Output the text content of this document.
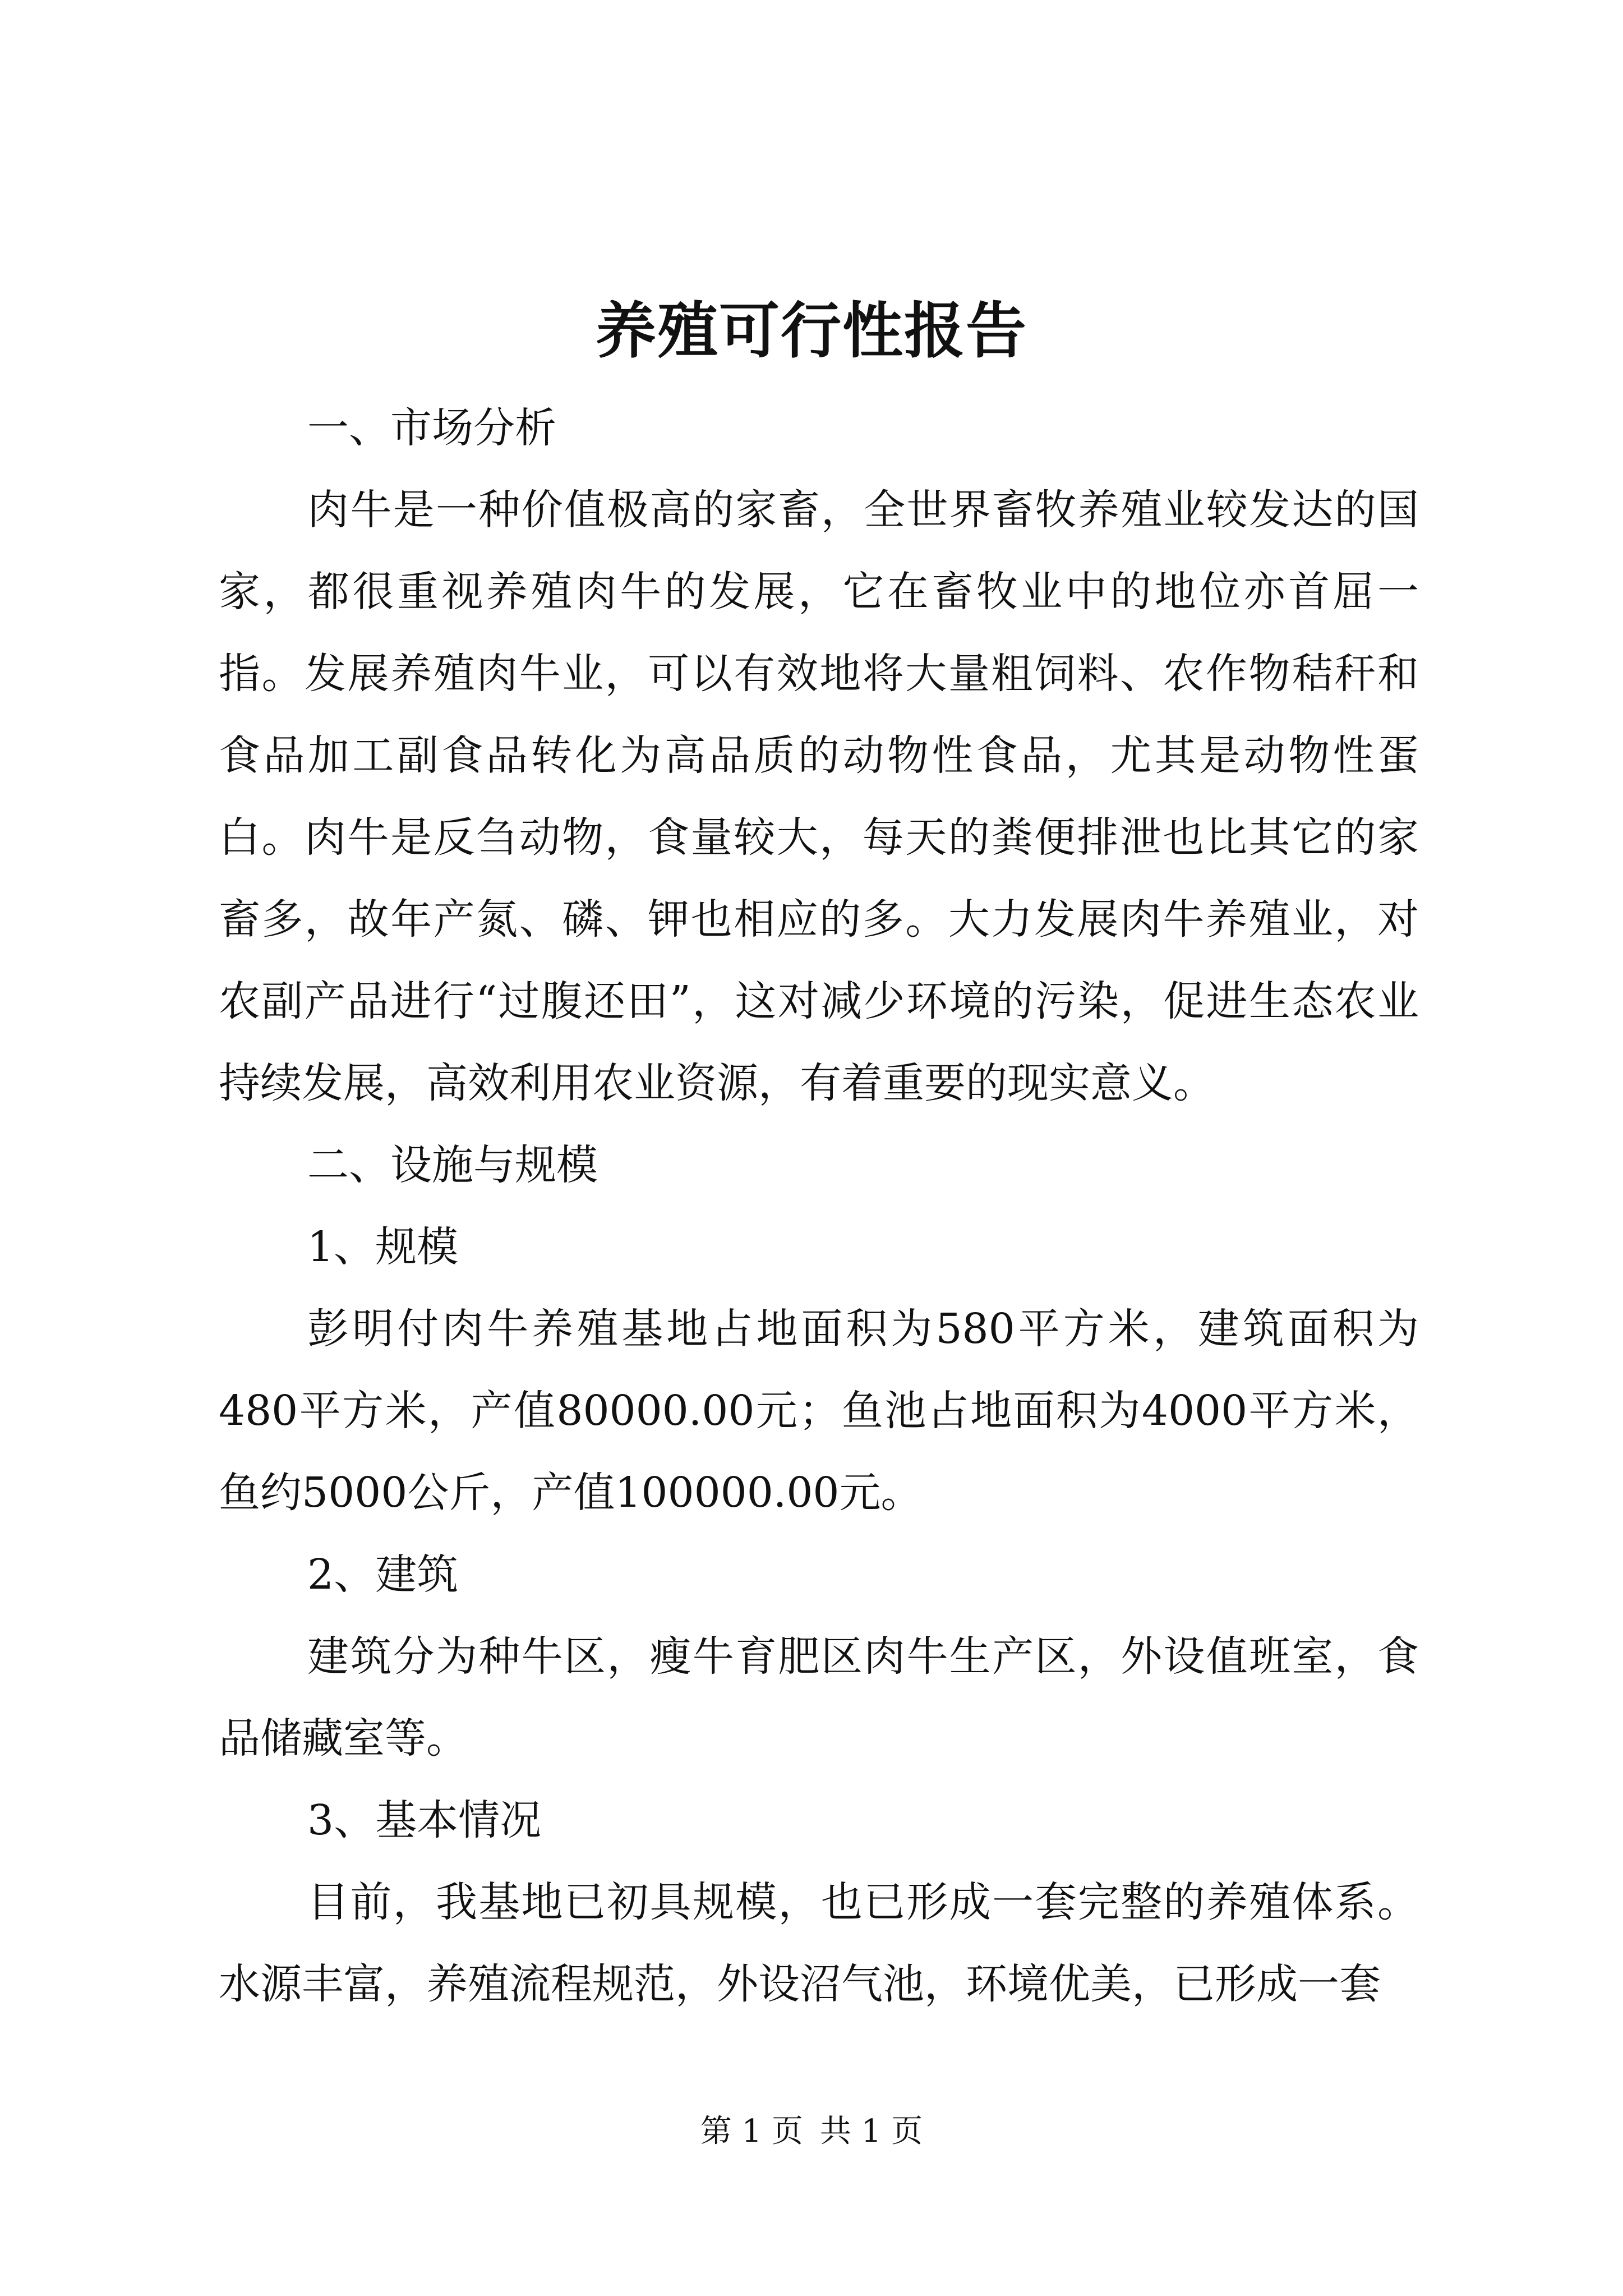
养殖可行性报告

一、市场分析

肉牛是一种价值极高的家畜，全世界畜牧养殖业较发达的国家，都很重视养殖肉牛的发展，它在畜牧业中的地位亦首屈一指。发展养殖肉牛业，可以有效地将大量粗饲料、农作物秸秆和食品加工副食品转化为高品质的动物性食品，尤其是动物性蛋白。肉牛是反刍动物，食量较大，每天的粪便排泄也比其它的家畜多，故年产氮、磷、钾也相应的多。大力发展肉牛养殖业，对农副产品进行“过腹还田”，这对减少环境的污染，促进生态农业持续发展，高效利用农业资源，有着重要的现实意义。

二、设施与规模

1、规模

彭明付肉牛养殖基地占地面积为580平方米，建筑面积为480平方米，产值80000.00元；鱼池占地面积为4000平方米，鱼约5000公斤，产值100000.00元。

2、建筑

建筑分为种牛区，瘦牛育肥区肉牛生产区，外设值班室，食品储藏室等。

3、基本情况

目前，我基地已初具规模，也已形成一套完整的养殖体系。水源丰富，养殖流程规范，外设沼气池，环境优美，已形成一套

第 1 页 共 1 页
